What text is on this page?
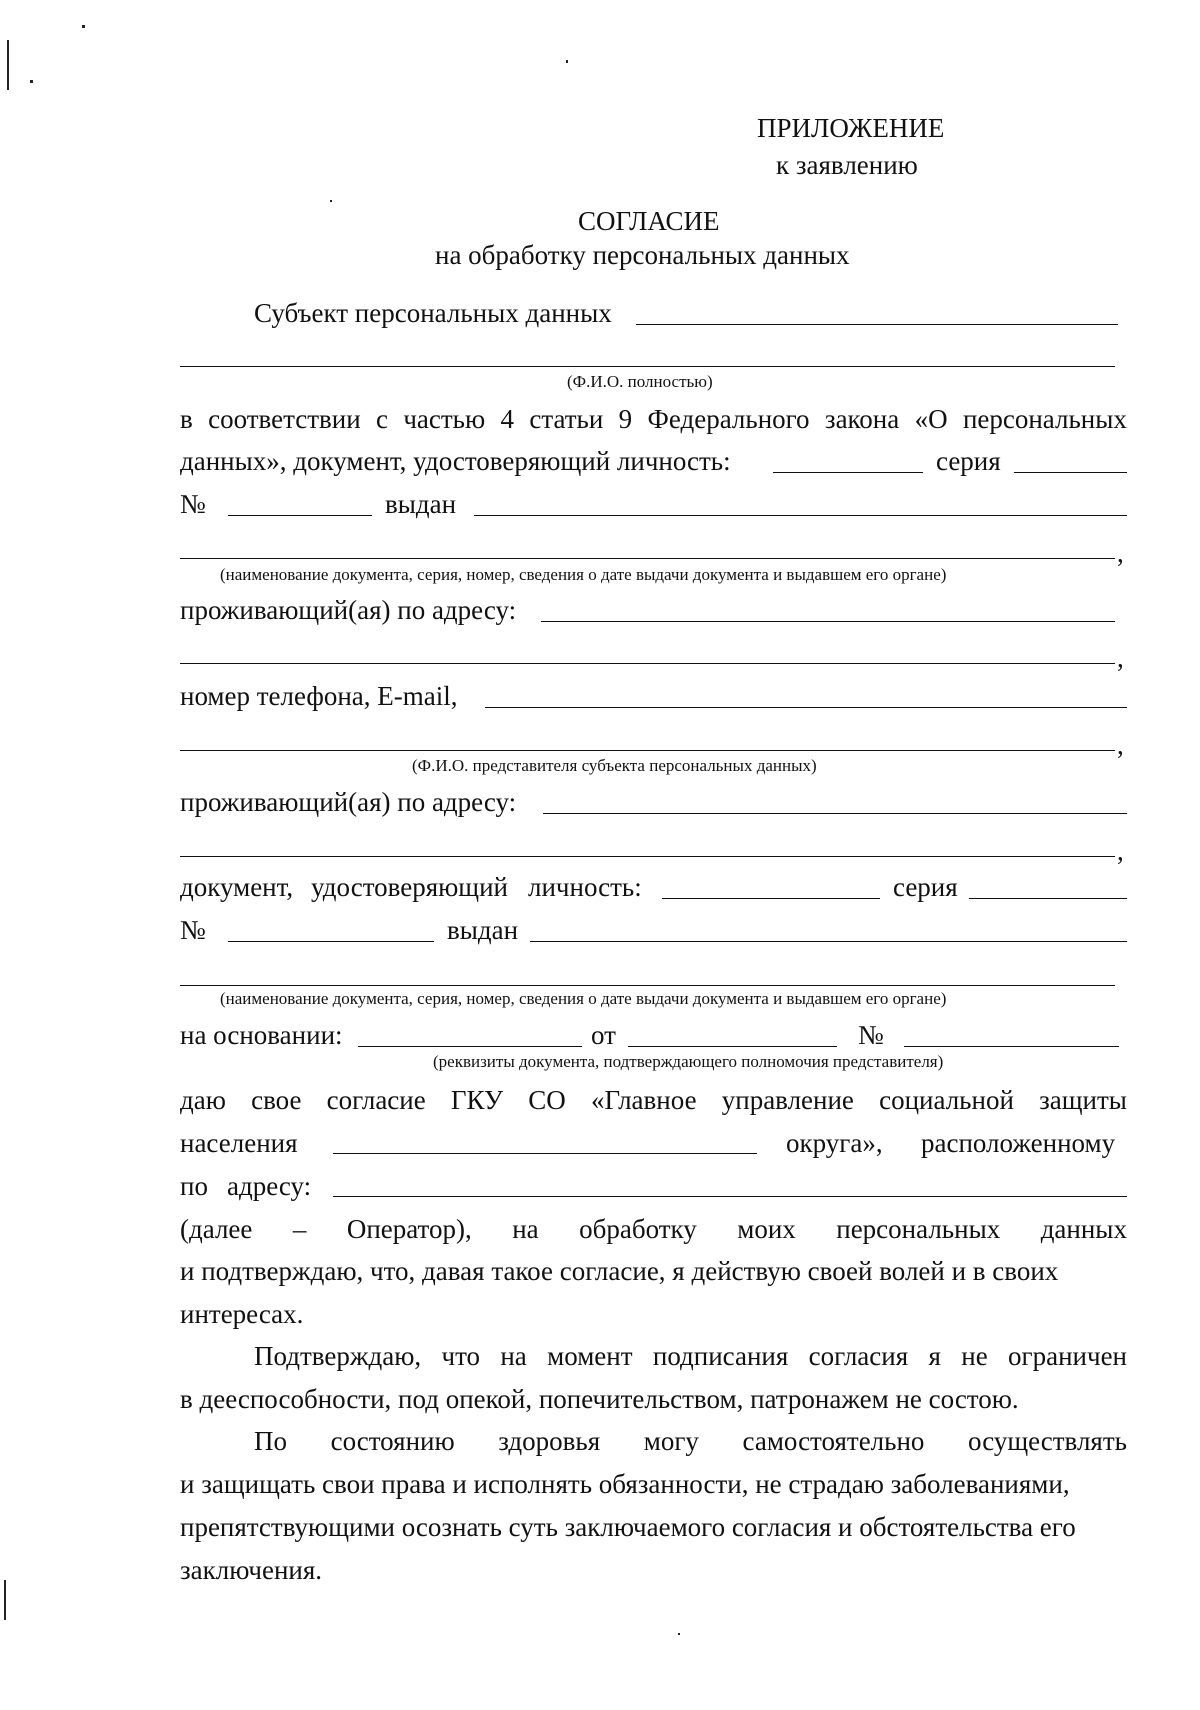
ПРИЛОЖЕНИЕ
к заявлению
СОГЛАСИЕ
на обработку персональных данных
Субъект персональных данных
(Ф.И.О. полностью)
в соответствии с частью 4 статьи 9 Федерального закона «О персональных
данных», документ, удостоверяющий личность:	серия
№	выдан
,
(наименование документа, серия, номер, сведения о дате выдачи документа и выдавшем его органе)
проживающий(ая) по адресу:
,
номер телефона, E-mail,
,
(Ф.И.О. представителя субъекта персональных данных)
проживающий(ая) по адресу:
,
документ, удостоверяющий личность:	серия
№	выдан
(наименование документа, серия, номер, сведения о дате выдачи документа и выдавшем его органе)
на основании:	от	№
(реквизиты документа, подтверждающего полномочия представителя)
даю свое согласие ГКУ СО «Главное управление социальной защиты
населения	округа», расположенному
по адресу:
(далее – Оператор), на обработку моих персональных данных
и подтверждаю, что, давая такое согласие, я действую своей волей и в своих
интересах.
Подтверждаю, что на момент подписания согласия я не ограничен
в дееспособности, под опекой, попечительством, патронажем не состою.
По состоянию здоровья могу самостоятельно осуществлять
и защищать свои права и исполнять обязанности, не страдаю заболеваниями,
препятствующими осознать суть заключаемого согласия и обстоятельства его
заключения.
